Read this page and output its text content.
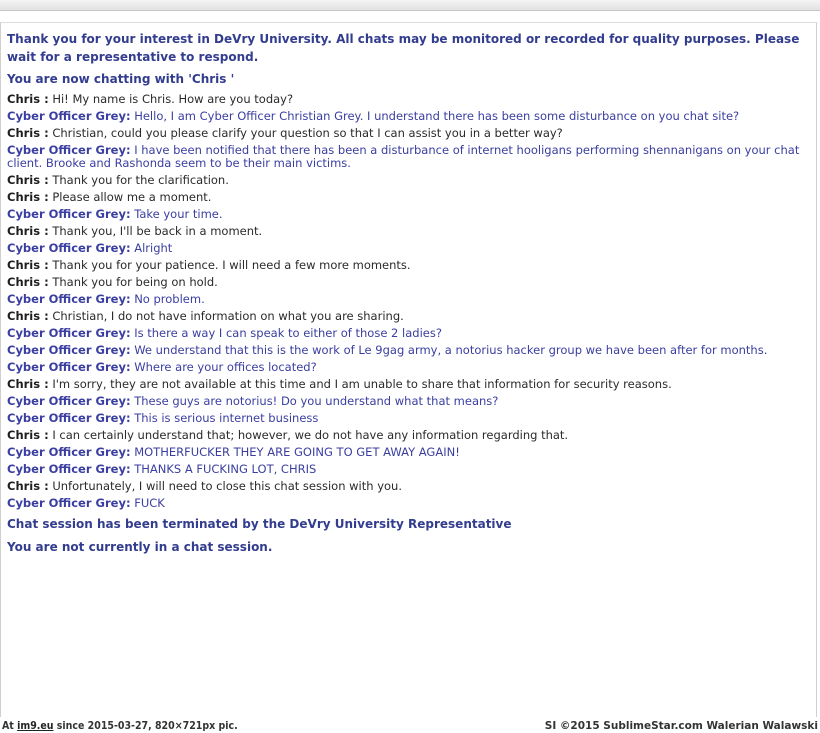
Thank you for your interest in DeVry University. All chats may be monitored or recorded for quality purposes. Please wait for a representative to respond.
You are now chatting with 'Chris '
Chris : Hi! My name is Chris. How are you today?
Cyber Officer Grey: Hello, I am Cyber Officer Christian Grey. I understand there has been some disturbance on you chat site?
Chris : Christian, could you please clarify your question so that I can assist you in a better way?
Cyber Officer Grey: I have been notified that there has been a disturbance of internet hooligans performing shennanigans on your chat client. Brooke and Rashonda seem to be their main victims.
Chris : Thank you for the clarification.
Chris : Please allow me a moment.
Cyber Officer Grey: Take your time.
Chris : Thank you, I'll be back in a moment.
Cyber Officer Grey: Alright
Chris : Thank you for your patience. I will need a few more moments.
Chris : Thank you for being on hold.
Cyber Officer Grey: No problem.
Chris : Christian, I do not have information on what you are sharing.
Cyber Officer Grey: Is there a way I can speak to either of those 2 ladies?
Cyber Officer Grey: We understand that this is the work of Le 9gag army, a notorius hacker group we have been after for months.
Cyber Officer Grey: Where are your offices located?
Chris : I'm sorry, they are not available at this time and I am unable to share that information for security reasons.
Cyber Officer Grey: These guys are notorius! Do you understand what that means?
Cyber Officer Grey: This is serious internet business
Chris : I can certainly understand that; however, we do not have any information regarding that.
Cyber Officer Grey: MOTHERFUCKER THEY ARE GOING TO GET AWAY AGAIN!
Cyber Officer Grey: THANKS A FUCKING LOT, CHRIS
Chris : Unfortunately, I will need to close this chat session with you.
Cyber Officer Grey: FUCK
Chat session has been terminated by the DeVry University Representative
You are not currently in a chat session.
At im9.eu since 2015-03-27, 820×721px pic.	SI ©2015 SublimeStar.com Walerian Walawski
